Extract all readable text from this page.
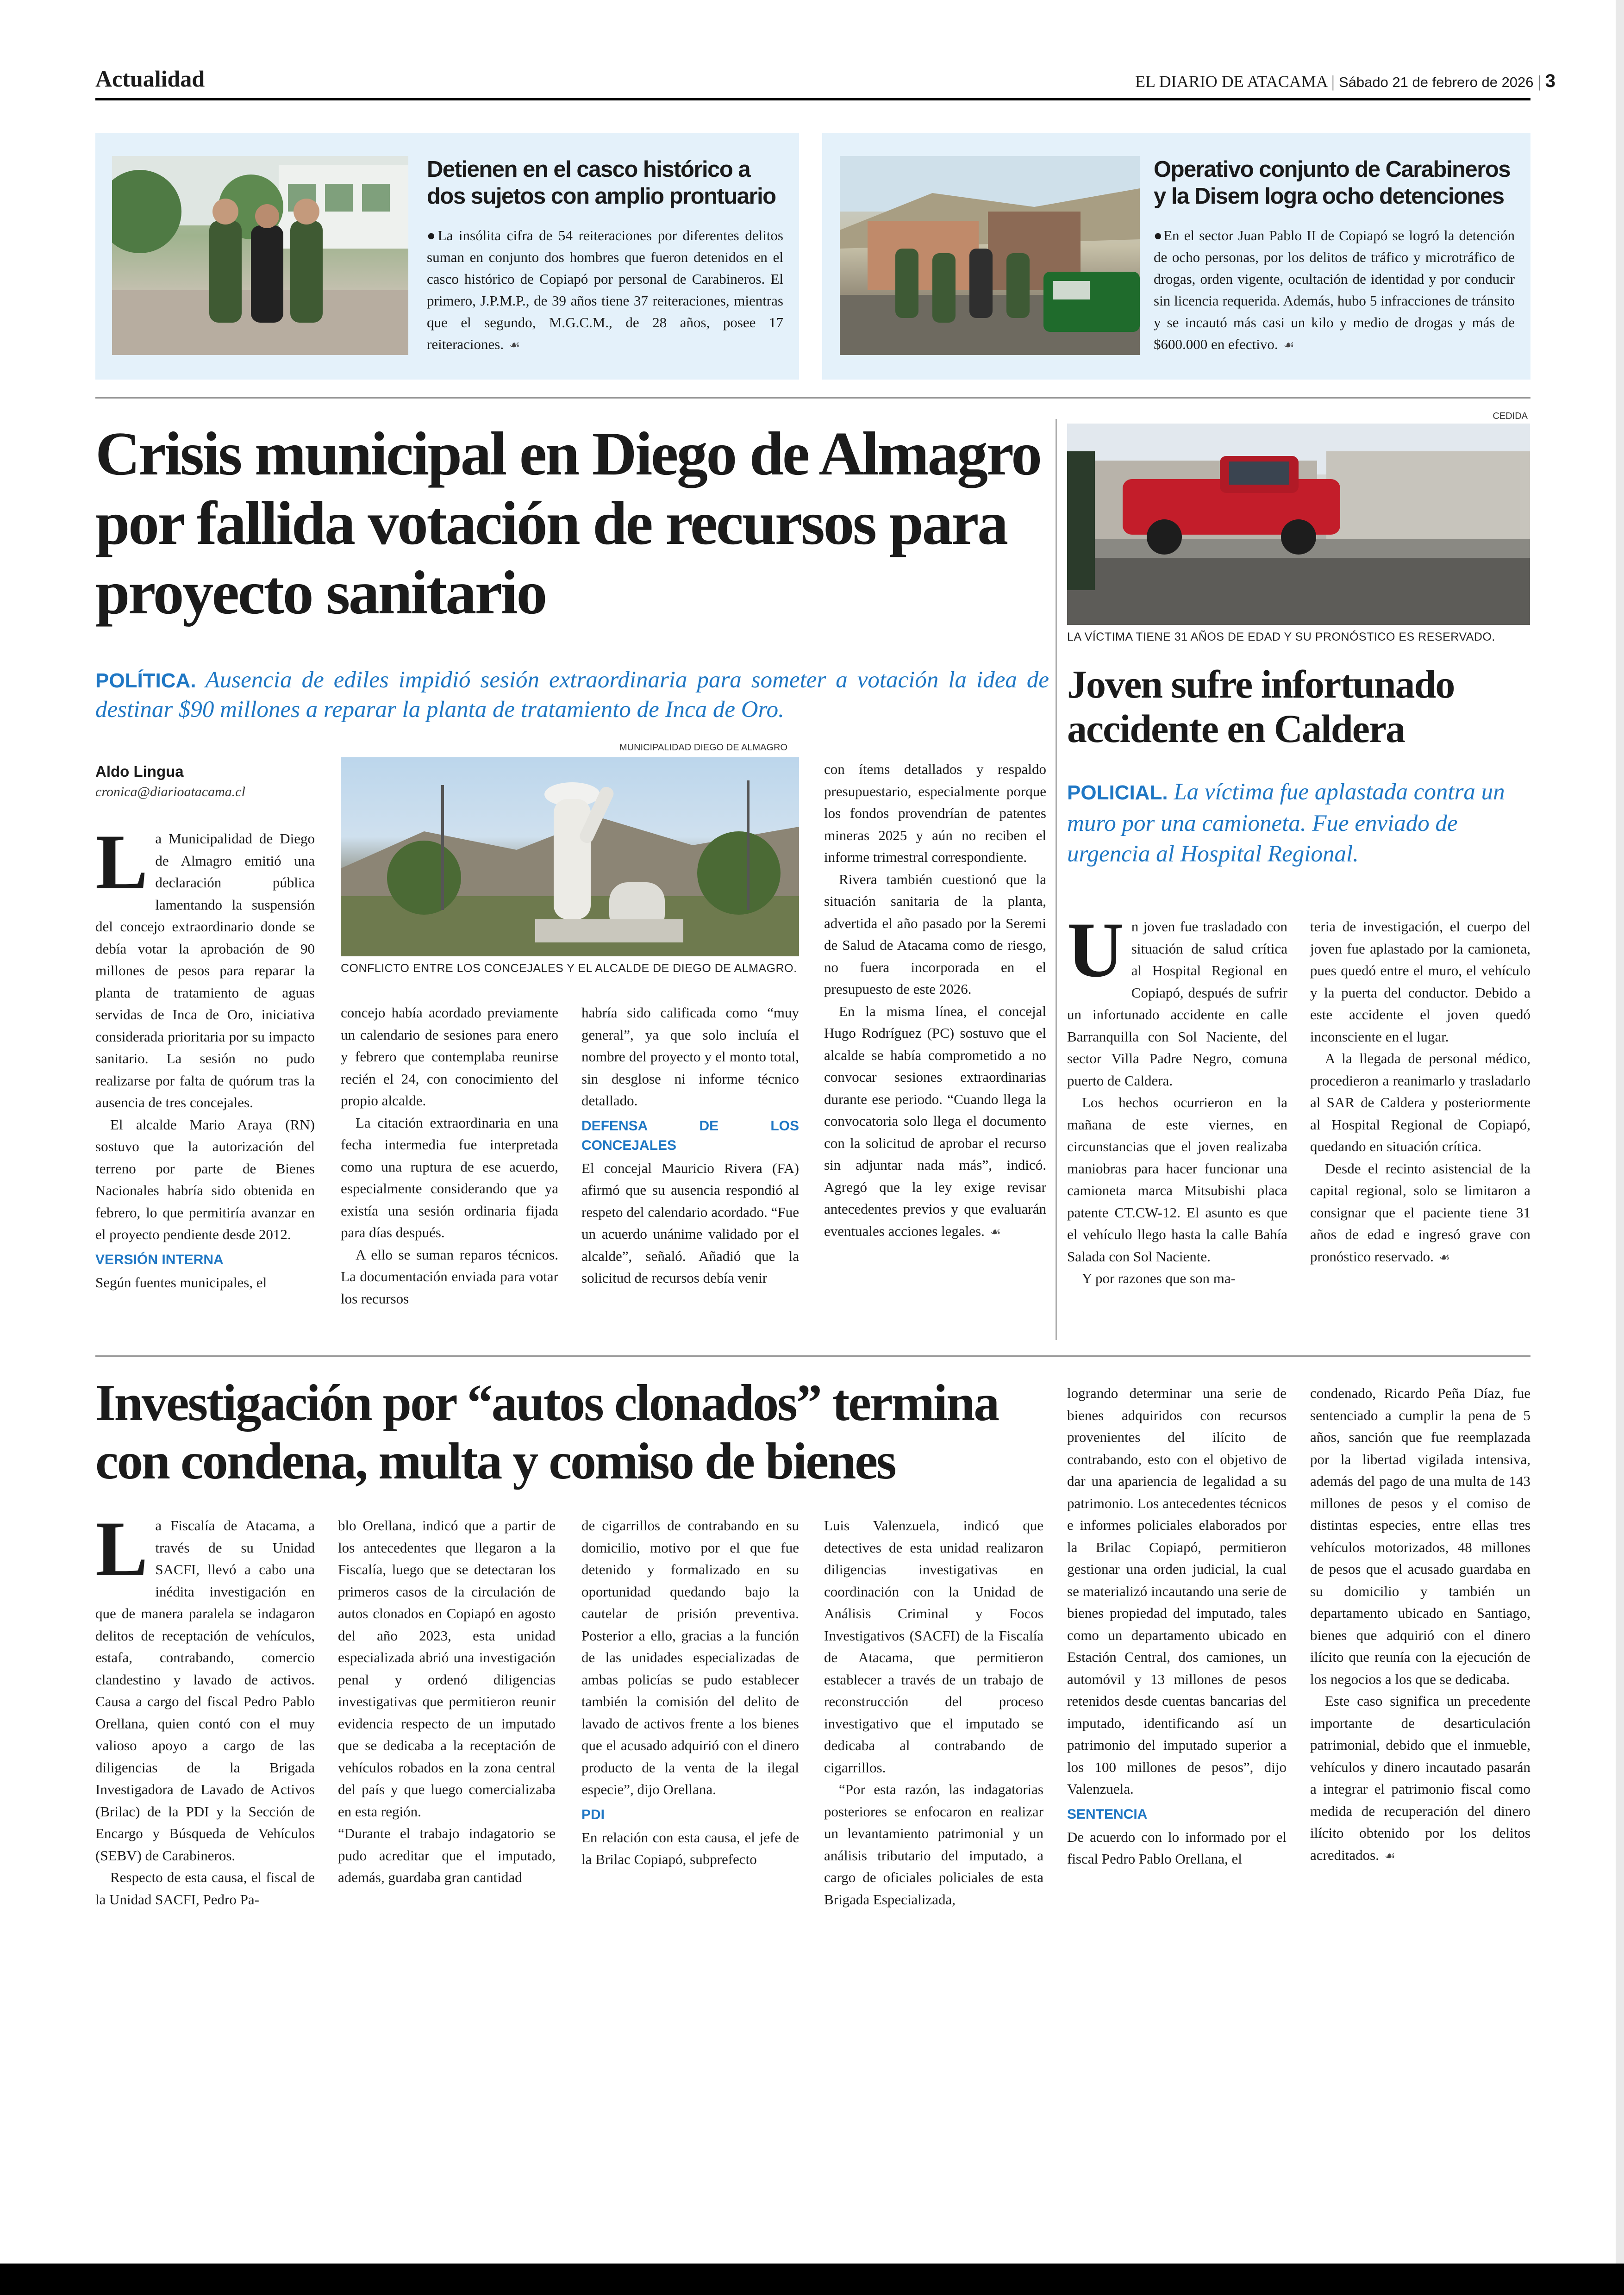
Actualidad	EL DIARIO DE ATACAMA | Sábado 21 de febrero de 2026 | 3
Detienen en el casco histórico a dos sujetos con amplio prontuario
●La insólita cifra de 54 reiteraciones por diferentes delitos suman en conjunto dos hombres que fueron detenidos en el casco histórico de Copiapó por personal de Carabineros. El primero, J.P.M.P., de 39 años tiene 37 reiteraciones, mientras que el segundo, M.G.C.M., de 28 años, posee 17 reiteraciones. ☙
Operativo conjunto de Carabineros y la Disem logra ocho detenciones
●En el sector Juan Pablo II de Copiapó se logró la detención de ocho personas, por los delitos de tráfico y microtráfico de drogas, orden vigente, ocultación de identidad y por conducir sin licencia requerida. Además, hubo 5 infracciones de tránsito y se incautó más casi un kilo y medio de drogas y más de $600.000 en efectivo. ☙
Crisis municipal en Diego de Almagro por fallida votación de recursos para proyecto sanitario
POLÍTICA. Ausencia de ediles impidió sesión extraordinaria para someter a votación la idea de destinar $90 millones a reparar la planta de tratamiento de Inca de Oro.
Aldo Lingua
cronica@diarioatacama.cl
MUNICIPALIDAD DIEGO DE ALMAGRO
CONFLICTO ENTRE LOS CONCEJALES Y EL ALCALDE DE DIEGO DE ALMAGRO.
L a Municipalidad de Diego de Almagro emitió una declaración pública lamentando la suspensión del concejo extraordinario donde se debía votar la aprobación de 90 millones de pesos para reparar la planta de tratamiento de aguas servidas de Inca de Oro, iniciativa considerada prioritaria por su impacto sanitario. La sesión no pudo realizarse por falta de quórum tras la ausencia de tres concejales.

El alcalde Mario Araya (RN) sostuvo que la autorización del terreno por parte de Bienes Nacionales habría sido obtenida en febrero, lo que permitiría avanzar en el proyecto pendiente desde 2012.

VERSIÓN INTERNA

Según fuentes municipales, el

concejo había acordado previamente un calendario de sesiones para enero y febrero que contemplaba reunirse recién el 24, con conocimiento del propio alcalde.

La citación extraordinaria en una fecha intermedia fue interpretada como una ruptura de ese acuerdo, especialmente considerando que ya existía una sesión ordinaria fijada para días después.

A ello se suman reparos técnicos. La documentación enviada para votar los recursos

habría sido calificada como “muy general”, ya que solo incluía el nombre del proyecto y el monto total, sin desglose ni informe técnico detallado.

DEFENSA DE LOS CONCEJALES

El concejal Mauricio Rivera (FA) afirmó que su ausencia respondió al respeto del calendario acordado. “Fue un acuerdo unánime validado por el alcalde”, señaló. Añadió que la solicitud de recursos debía venir

con ítems detallados y respaldo presupuestario, especialmente porque los fondos provendrían de patentes mineras 2025 y aún no reciben el informe trimestral correspondiente.

Rivera también cuestionó que la situación sanitaria de la planta, advertida el año pasado por la Seremi de Salud de Atacama como de riesgo, no fuera incorporada en el presupuesto de este 2026.

En la misma línea, el concejal Hugo Rodríguez (PC) sostuvo que el alcalde se había comprometido a no convocar sesiones extraordinarias durante ese periodo. “Cuando llega la convocatoria solo llega el documento con la solicitud de aprobar el recurso sin adjuntar nada más”, indicó. Agregó que la ley exige revisar antecedentes previos y que evaluarán eventuales acciones legales. ☙

CEDIDA
LA VÍCTIMA TIENE 31 AÑOS DE EDAD Y SU PRONÓSTICO ES RESERVADO.
Joven sufre infortunado accidente en Caldera
POLICIAL. La víctima fue aplastada contra un muro por una camioneta. Fue enviado de urgencia al Hospital Regional.
U n joven fue trasladado con situación de salud crítica al Hospital Regional en Copiapó, después de sufrir un infortunado accidente en calle Barranquilla con Sol Naciente, del sector Villa Padre Negro, comuna puerto de Caldera.

Los hechos ocurrieron en la mañana de este viernes, en circunstancias que el joven realizaba maniobras para hacer funcionar una camioneta marca Mitsubishi placa patente CT.CW-12. El asunto es que el vehículo llego hasta la calle Bahía Salada con Sol Naciente.

Y por razones que son ma-

teria de investigación, el cuerpo del joven fue aplastado por la camioneta, pues quedó entre el muro, el vehículo y la puerta del conductor. Debido a este accidente el joven quedó inconsciente en el lugar.

A la llegada de personal médico, procedieron a reanimarlo y trasladarlo al SAR de Caldera y posteriormente al Hospital Regional de Copiapó, quedando en situación crítica.

Desde el recinto asistencial de la capital regional, solo se limitaron a consignar que el paciente tiene 31 años de edad e ingresó grave con pronóstico reservado. ☙

Investigación por “autos clonados” termina con condena, multa y comiso de bienes
L a Fiscalía de Atacama, a través de su Unidad SACFI, llevó a cabo una inédita investigación en que de manera paralela se indagaron delitos de receptación de vehículos, estafa, contrabando, comercio clandestino y lavado de activos. Causa a cargo del fiscal Pedro Pablo Orellana, quien contó con el muy valioso apoyo a cargo de las diligencias de la Brigada Investigadora de Lavado de Activos (Brilac) de la PDI y la Sección de Encargo y Búsqueda de Vehículos (SEBV) de Carabineros.

Respecto de esta causa, el fiscal de la Unidad SACFI, Pedro Pa-

blo Orellana, indicó que a partir de los antecedentes que llegaron a la Fiscalía, luego que se detectaran los primeros casos de la circulación de autos clonados en Copiapó en agosto del año 2023, esta unidad especializada abrió una investigación penal y ordenó diligencias investigativas que permitieron reunir evidencia respecto de un imputado que se dedicaba a la receptación de vehículos robados en la zona central del país y que luego comercializaba en esta región.

“Durante el trabajo indagatorio se pudo acreditar que el imputado, además, guardaba gran cantidad

de cigarrillos de contrabando en su domicilio, motivo por el que fue detenido y formalizado en su oportunidad quedando bajo la cautelar de prisión preventiva. Posterior a ello, gracias a la función de las unidades especializadas de ambas policías se pudo establecer también la comisión del delito de lavado de activos frente a los bienes que el acusado adquirió con el dinero producto de la venta de la ilegal especie”, dijo Orellana.

PDI

En relación con esta causa, el jefe de la Brilac Copiapó, subprefecto

Luis Valenzuela, indicó que detectives de esta unidad realizaron diligencias investigativas en coordinación con la Unidad de Análisis Criminal y Focos Investigativos (SACFI) de la Fiscalía de Atacama, que permitieron establecer a través de un trabajo de reconstrucción del proceso investigativo que el imputado se dedicaba al contrabando de cigarrillos.

“Por esta razón, las indagatorias posteriores se enfocaron en realizar un levantamiento patrimonial y un análisis tributario del imputado, a cargo de oficiales policiales de esta Brigada Especializada,

logrando determinar una serie de bienes adquiridos con recursos provenientes del ilícito de contrabando, esto con el objetivo de dar una apariencia de legalidad a su patrimonio. Los antecedentes técnicos e informes policiales elaborados por la Brilac Copiapó, permitieron gestionar una orden judicial, la cual se materializó incautando una serie de bienes propiedad del imputado, tales como un departamento ubicado en Estación Central, dos camiones, un automóvil y 13 millones de pesos retenidos desde cuentas bancarias del imputado, identificando así un patrimonio del imputado superior a los 100 millones de pesos”, dijo Valenzuela.

SENTENCIA

De acuerdo con lo informado por el fiscal Pedro Pablo Orellana, el

condenado, Ricardo Peña Díaz, fue sentenciado a cumplir la pena de 5 años, sanción que fue reemplazada por la libertad vigilada intensiva, además del pago de una multa de 143 millones de pesos y el comiso de distintas especies, entre ellas tres vehículos motorizados, 48 millones de pesos que el acusado guardaba en su domicilio y también un departamento ubicado en Santiago, bienes que adquirió con el dinero ilícito que reunía con la ejecución de los negocios a los que se dedicaba.

Este caso significa un precedente importante de desarticulación patrimonial, debido que el inmueble, vehículos y dinero incautado pasarán a integrar el patrimonio fiscal como medida de recuperación del dinero ilícito obtenido por los delitos acreditados. ☙
